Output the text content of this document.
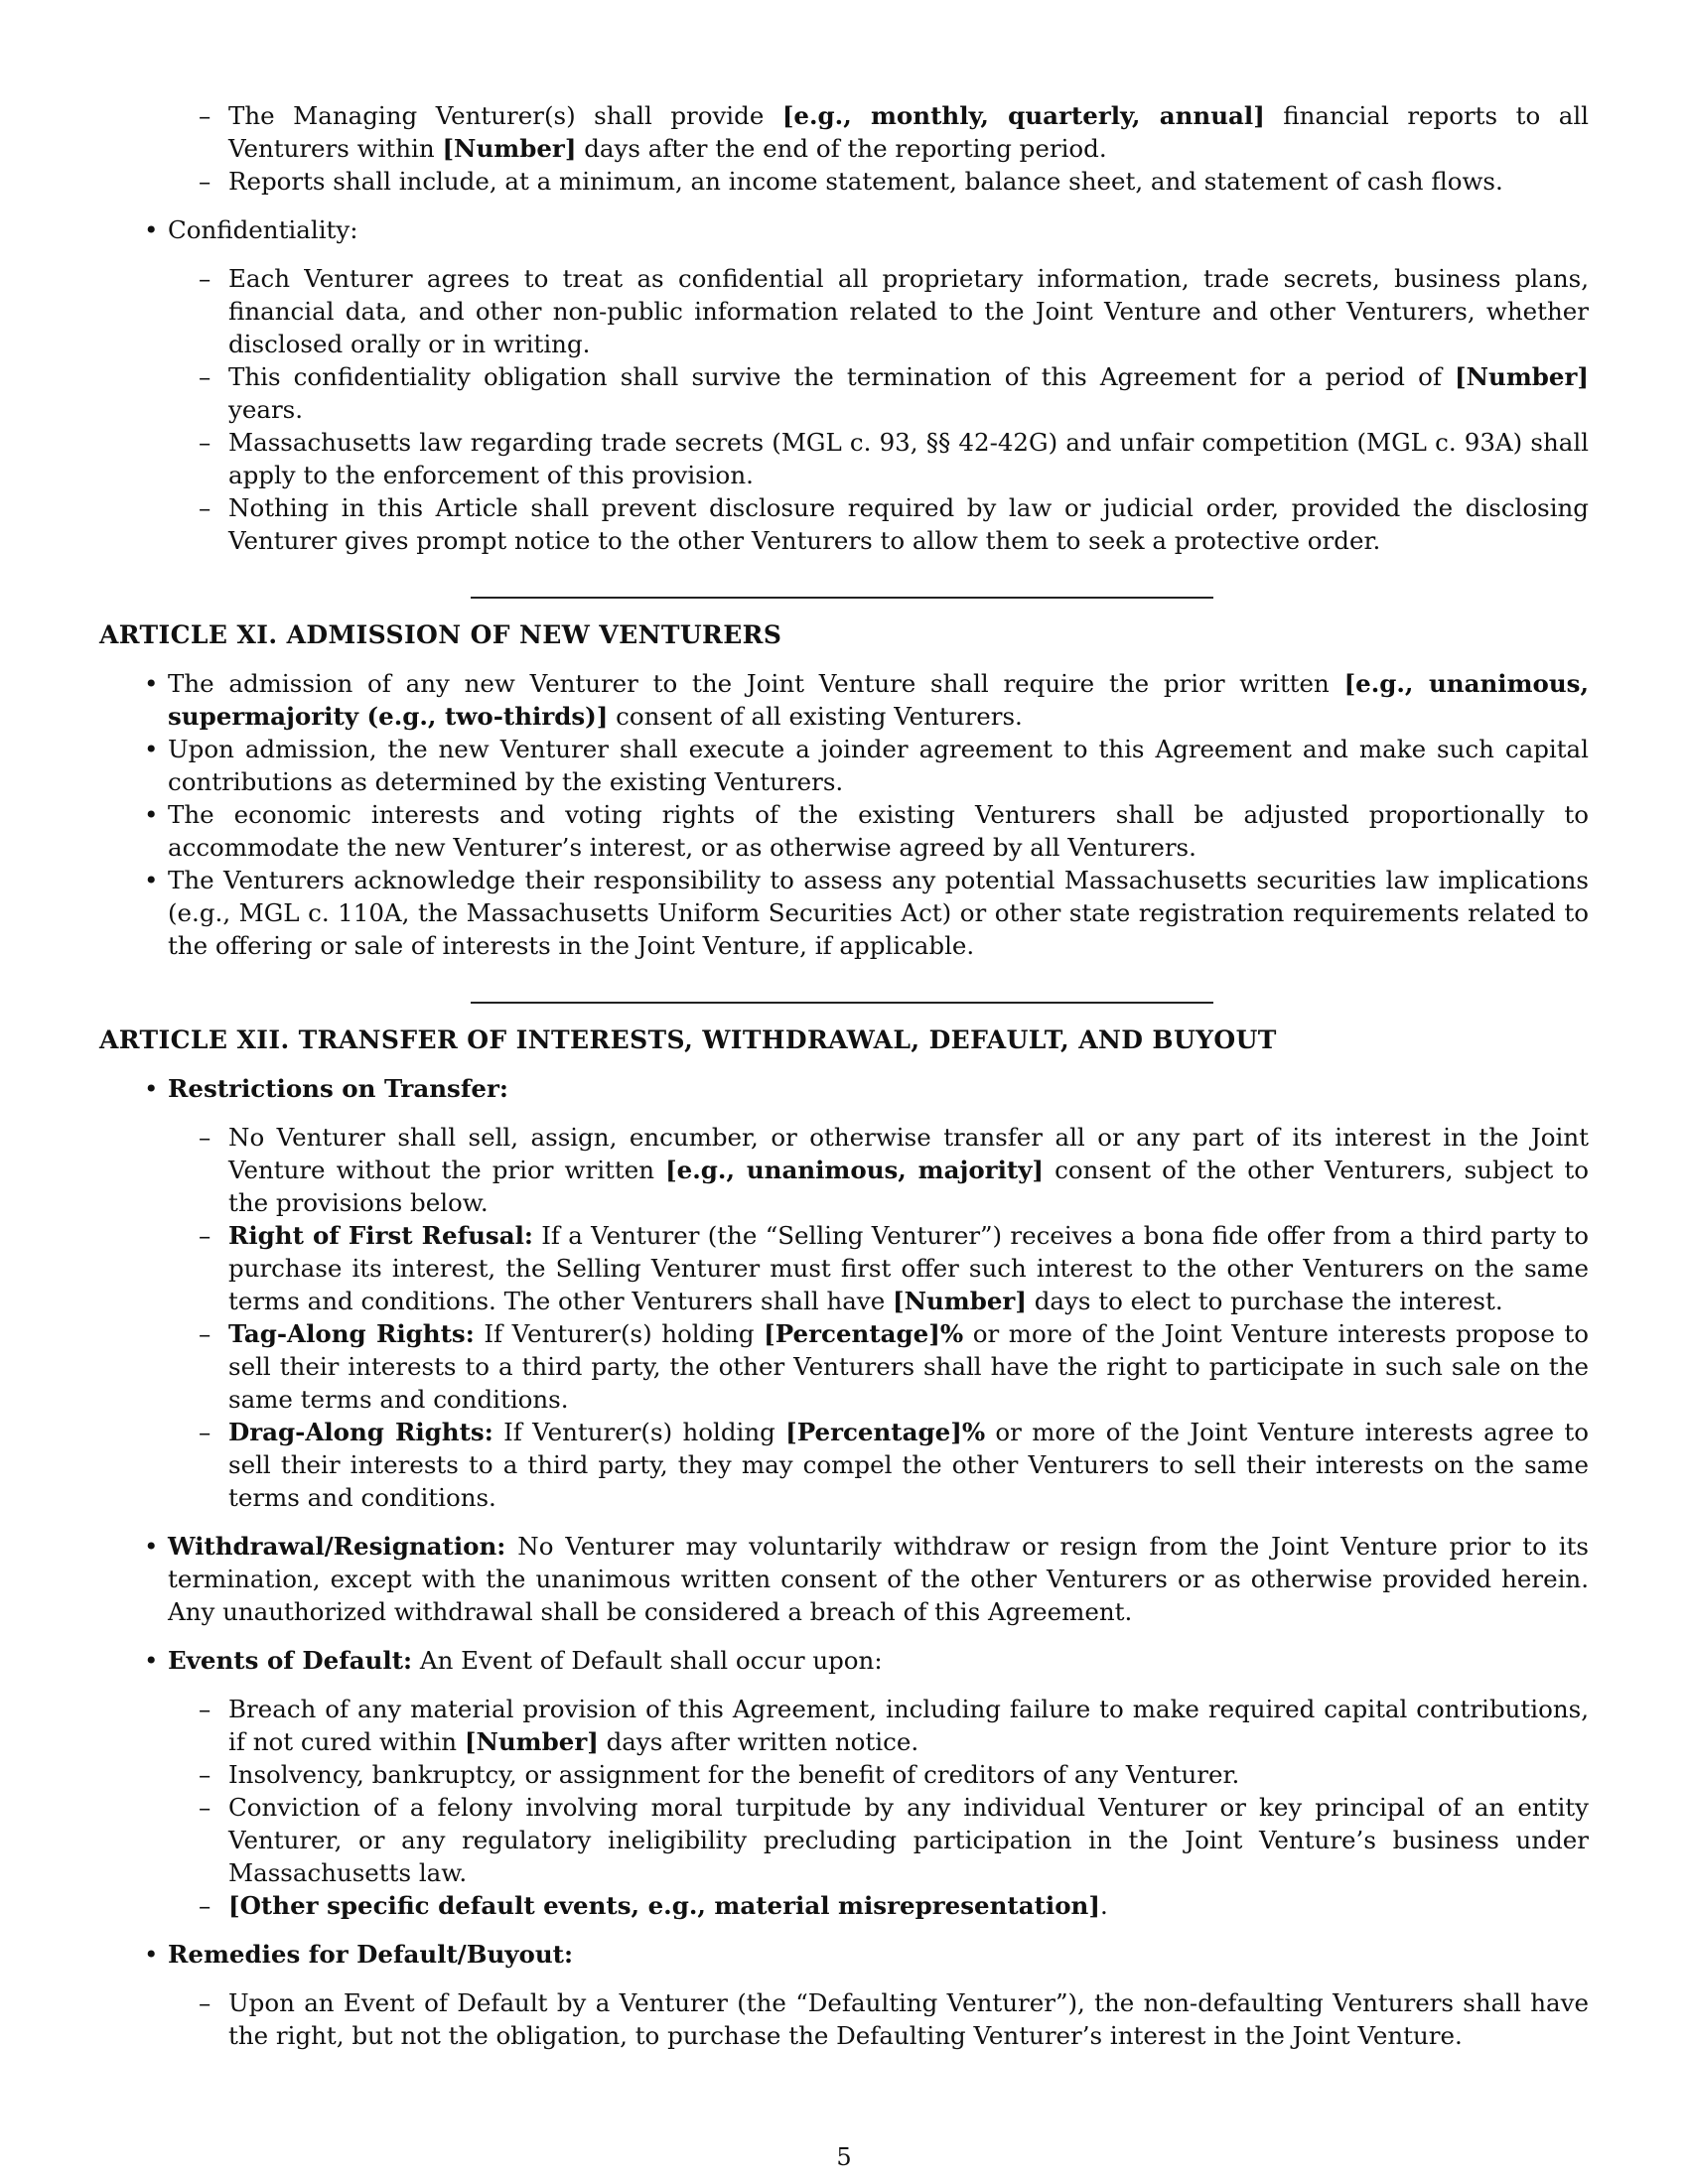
– The Managing Venturer(s) shall provide [e.g., monthly, quarterly, annual] financial reports to all Venturers within [Number] days after the end of the reporting period.
– Reports shall include, at a minimum, an income statement, balance sheet, and statement of cash flows.
• Confidentiality:
– Each Venturer agrees to treat as confidential all proprietary information, trade secrets, business plans, financial data, and other non-public information related to the Joint Venture and other Venturers, whether disclosed orally or in writing.
– This confidentiality obligation shall survive the termination of this Agreement for a period of [Number] years.
– Massachusetts law regarding trade secrets (MGL c. 93, §§ 42-42G) and unfair competition (MGL c. 93A) shall apply to the enforcement of this provision.
– Nothing in this Article shall prevent disclosure required by law or judicial order, provided the disclosing Venturer gives prompt notice to the other Venturers to allow them to seek a protective order.
ARTICLE XI. ADMISSION OF NEW VENTURERS
• The admission of any new Venturer to the Joint Venture shall require the prior written [e.g., unanimous, supermajority (e.g., two-thirds)] consent of all existing Venturers.
• Upon admission, the new Venturer shall execute a joinder agreement to this Agreement and make such capital contributions as determined by the existing Venturers.
• The economic interests and voting rights of the existing Venturers shall be adjusted proportionally to accommodate the new Venturer’s interest, or as otherwise agreed by all Venturers.
• The Venturers acknowledge their responsibility to assess any potential Massachusetts securities law implications (e.g., MGL c. 110A, the Massachusetts Uniform Securities Act) or other state registration requirements related to the offering or sale of interests in the Joint Venture, if applicable.
ARTICLE XII. TRANSFER OF INTERESTS, WITHDRAWAL, DEFAULT, AND BUYOUT
• Restrictions on Transfer:
– No Venturer shall sell, assign, encumber, or otherwise transfer all or any part of its interest in the Joint Venture without the prior written [e.g., unanimous, majority] consent of the other Venturers, subject to the provisions below.
– Right of First Refusal: If a Venturer (the “Selling Venturer”) receives a bona fide offer from a third party to purchase its interest, the Selling Venturer must first offer such interest to the other Venturers on the same terms and conditions. The other Venturers shall have [Number] days to elect to purchase the interest.
– Tag-Along Rights: If Venturer(s) holding [Percentage]% or more of the Joint Venture interests propose to sell their interests to a third party, the other Venturers shall have the right to participate in such sale on the same terms and conditions.
– Drag-Along Rights: If Venturer(s) holding [Percentage]% or more of the Joint Venture interests agree to sell their interests to a third party, they may compel the other Venturers to sell their interests on the same terms and conditions.
• Withdrawal/Resignation: No Venturer may voluntarily withdraw or resign from the Joint Venture prior to its termination, except with the unanimous written consent of the other Venturers or as otherwise provided herein. Any unauthorized withdrawal shall be considered a breach of this Agreement.
• Events of Default: An Event of Default shall occur upon:
– Breach of any material provision of this Agreement, including failure to make required capital contributions, if not cured within [Number] days after written notice.
– Insolvency, bankruptcy, or assignment for the benefit of creditors of any Venturer.
– Conviction of a felony involving moral turpitude by any individual Venturer or key principal of an entity Venturer, or any regulatory ineligibility precluding participation in the Joint Venture’s business under Massachusetts law.
– [Other specific default events, e.g., material misrepresentation].
• Remedies for Default/Buyout:
– Upon an Event of Default by a Venturer (the “Defaulting Venturer”), the non-defaulting Venturers shall have the right, but not the obligation, to purchase the Defaulting Venturer’s interest in the Joint Venture.
5
